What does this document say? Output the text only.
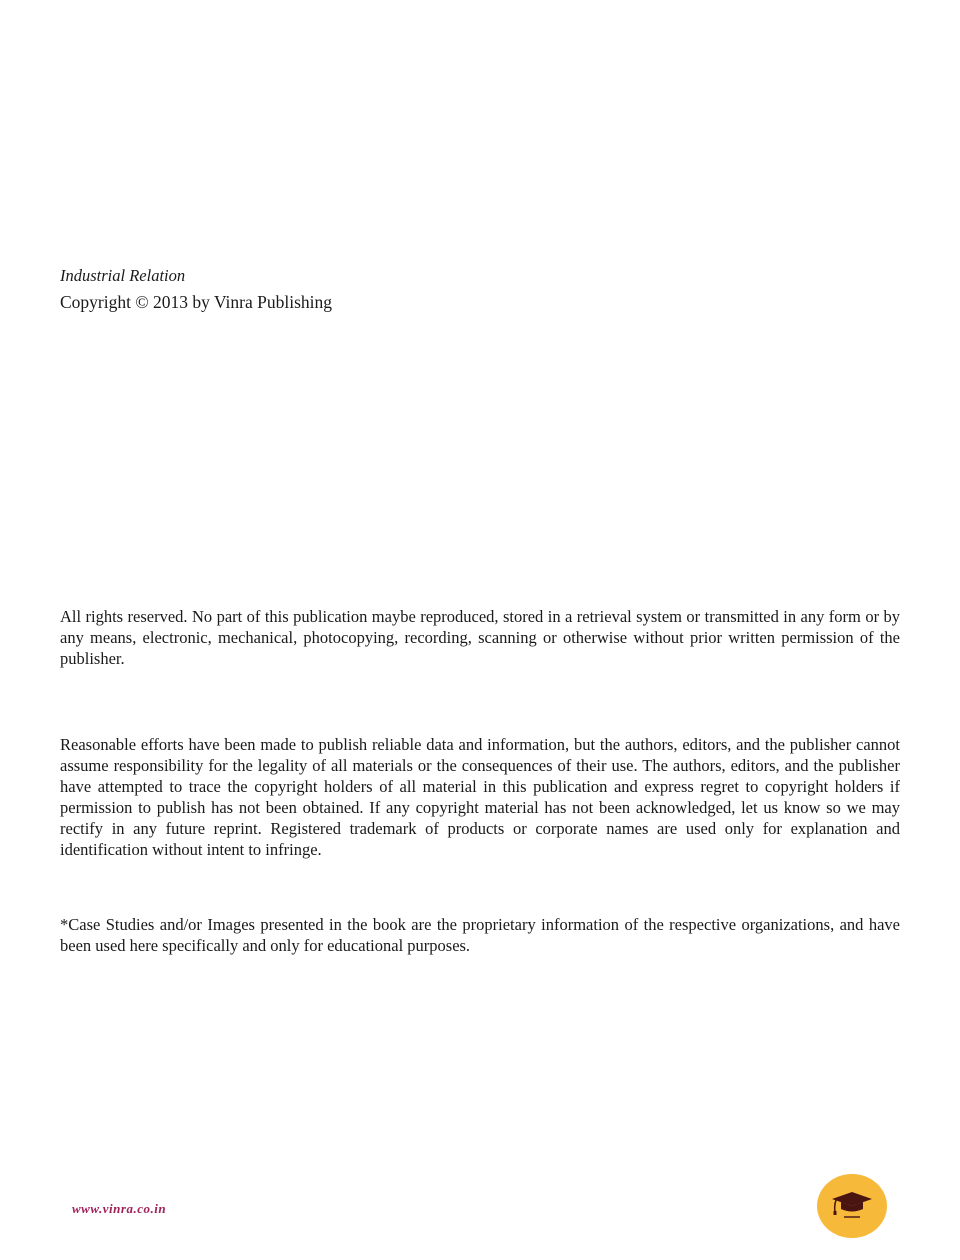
Industrial Relation
Copyright © 2013 by Vinra Publishing

All rights reserved. No part of this publication maybe reproduced, stored in a retrieval system or transmitted in any form or by any means, electronic, mechanical, photocopying, recording, scanning or otherwise without prior written permission of the publisher.

Reasonable efforts have been made to publish reliable data and information, but the authors, editors, and the publisher cannot assume responsibility for the legality of all materials or the consequences of their use. The authors, editors, and the publisher have attempted to trace the copyright holders of all material in this publication and express regret to copyright holders if permission to publish has not been obtained. If any copyright material has not been acknowledged, let us know so we may rectify in any future reprint. Registered trademark of products or corporate names are used only for explanation and identification without intent to infringe.

*Case Studies and/or Images presented in the book are the proprietary information of the respective organizations, and have been used here specifically and only for educational purposes.

www.vinra.co.in
